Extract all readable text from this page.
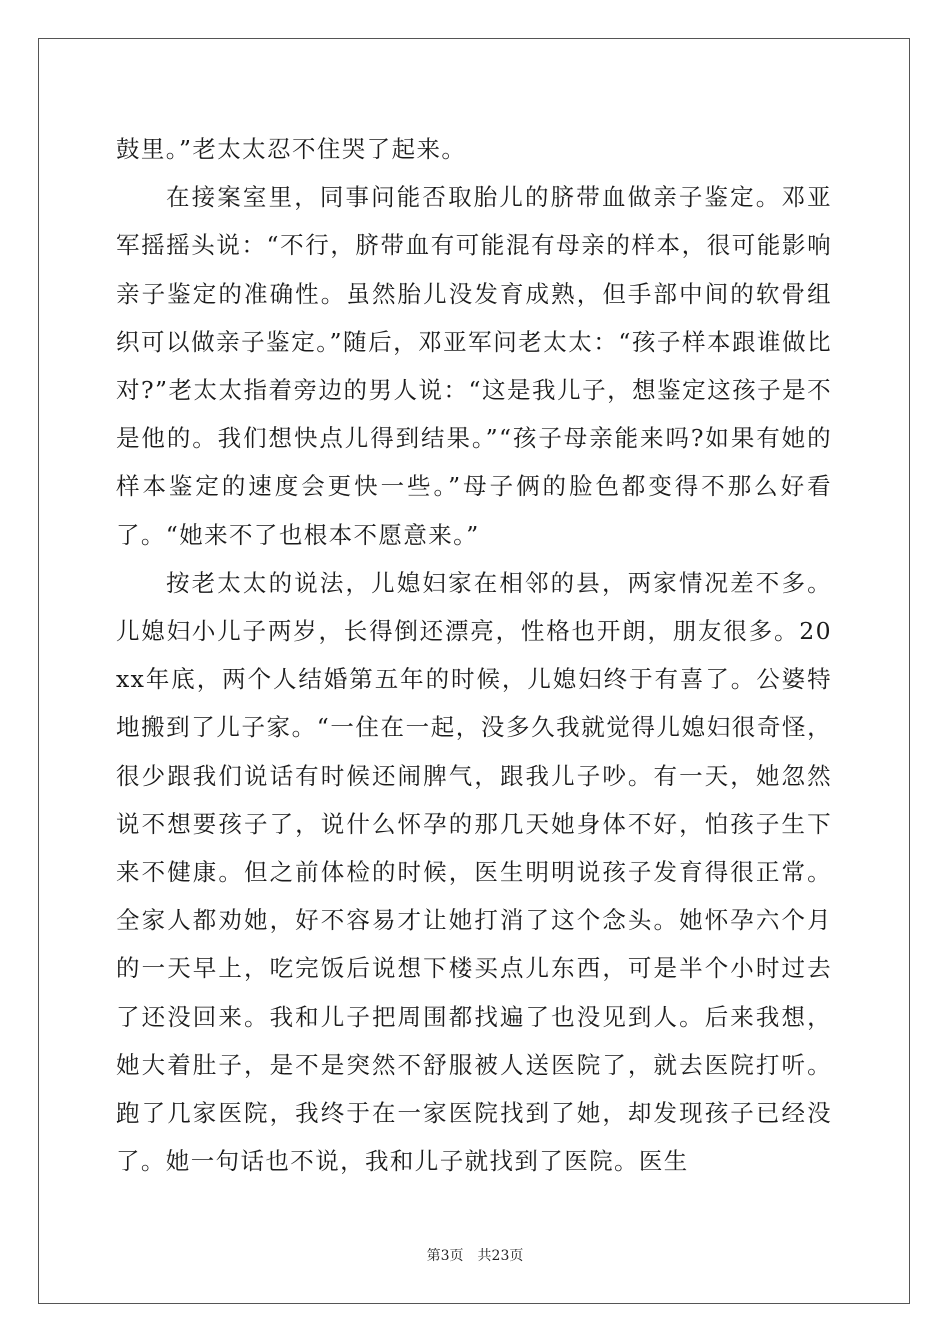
鼓里。”老太太忍不住哭了起来。

在接案室里，同事问能否取胎儿的脐带血做亲子鉴定。邓亚军摇摇头说：“不行，脐带血有可能混有母亲的样本，很可能影响亲子鉴定的准确性。虽然胎儿没发育成熟，但手部中间的软骨组织可以做亲子鉴定。”随后，邓亚军问老太太：“孩子样本跟谁做比对?”老太太指着旁边的男人说：“这是我儿子，想鉴定这孩子是不是他的。我们想快点儿得到结果。”“孩子母亲能来吗?如果有她的样本鉴定的速度会更快一些。”母子俩的脸色都变得不那么好看了。“她来不了也根本不愿意来。”

按老太太的说法，儿媳妇家在相邻的县，两家情况差不多。儿媳妇小儿子两岁，长得倒还漂亮，性格也开朗，朋友很多。20xx年底，两个人结婚第五年的时候，儿媳妇终于有喜了。公婆特地搬到了儿子家。“一住在一起，没多久我就觉得儿媳妇很奇怪，很少跟我们说话有时候还闹脾气，跟我儿子吵。有一天，她忽然说不想要孩子了，说什么怀孕的那几天她身体不好，怕孩子生下来不健康。但之前体检的时候，医生明明说孩子发育得很正常。全家人都劝她，好不容易才让她打消了这个念头。她怀孕六个月的一天早上，吃完饭后说想下楼买点儿东西，可是半个小时过去了还没回来。我和儿子把周围都找遍了也没见到人。后来我想，她大着肚子，是不是突然不舒服被人送医院了，就去医院打听。跑了几家医院，我终于在一家医院找到了她，却发现孩子已经没了。她一句话也不说，我和儿子就找到了医院。医生

第3页　共23页
